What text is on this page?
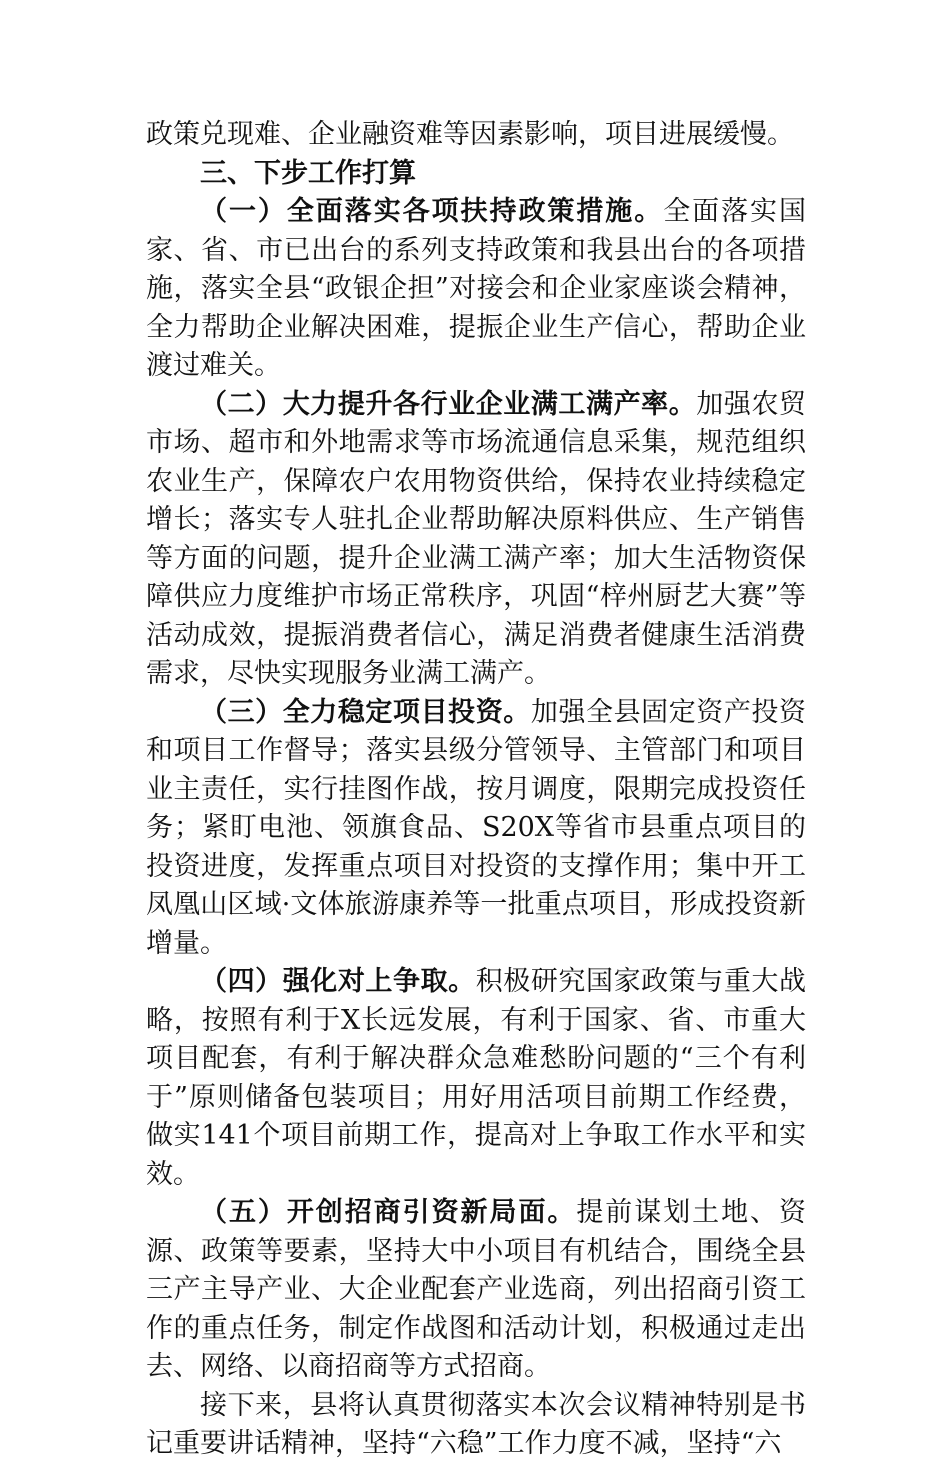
政策兑现难、企业融资难等因素影响，项目进展缓慢。

三、下步工作打算

（一）全面落实各项扶持政策措施。全面落实国家、省、市已出台的系列支持政策和我县出台的各项措施，落实全县“政银企担”对接会和企业家座谈会精神，全力帮助企业解决困难，提振企业生产信心，帮助企业渡过难关。

（二）大力提升各行业企业满工满产率。加强农贸市场、超市和外地需求等市场流通信息采集，规范组织农业生产，保障农户农用物资供给，保持农业持续稳定增长；落实专人驻扎企业帮助解决原料供应、生产销售等方面的问题，提升企业满工满产率；加大生活物资保障供应力度维护市场正常秩序，巩固“梓州厨艺大赛”等活动成效，提振消费者信心，满足消费者健康生活消费需求，尽快实现服务业满工满产。

（三）全力稳定项目投资。加强全县固定资产投资和项目工作督导；落实县级分管领导、主管部门和项目业主责任，实行挂图作战，按月调度，限期完成投资任务；紧盯电池、领旗食品、S20X等省市县重点项目的投资进度，发挥重点项目对投资的支撑作用；集中开工凤凰山区域·文体旅游康养等一批重点项目，形成投资新增量。

（四）强化对上争取。积极研究国家政策与重大战略，按照有利于X长远发展，有利于国家、省、市重大项目配套，有利于解决群众急难愁盼问题的“三个有利于”原则储备包装项目；用好用活项目前期工作经费，做实141个项目前期工作，提高对上争取工作水平和实效。

（五）开创招商引资新局面。提前谋划土地、资源、政策等要素，坚持大中小项目有机结合，围绕全县三产主导产业、大企业配套产业选商，列出招商引资工作的重点任务，制定作战图和活动计划，积极通过走出去、网络、以商招商等方式招商。

接下来，县将认真贯彻落实本次会议精神特别是书记重要讲话精神，坚持“六稳”工作力度不减，坚持“六
